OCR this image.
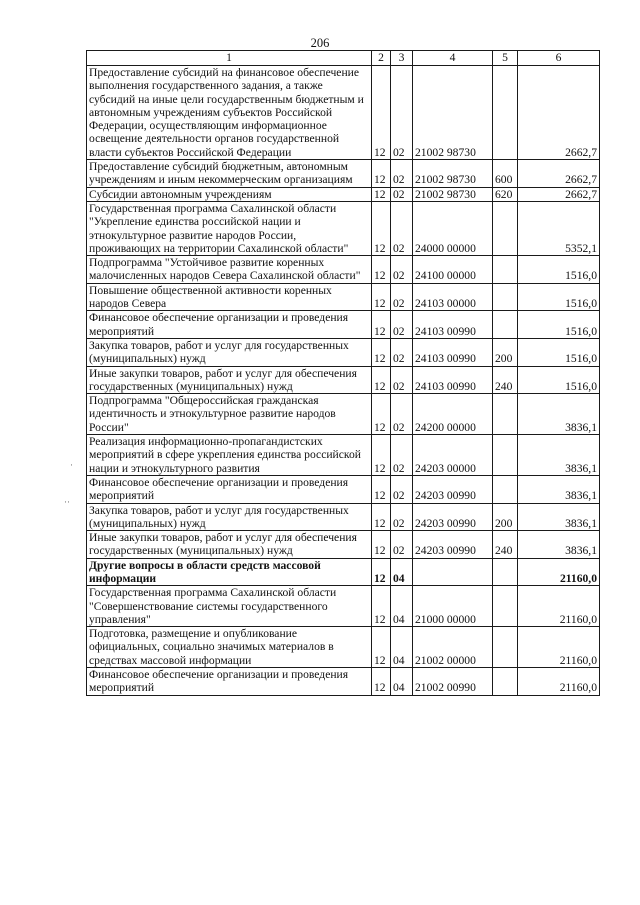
206
1	2	3	4	5	6
Предоставление субсидий на финансовое обеспечение выполнения государственного задания, а также субсидий на иные цели государственным бюджетным и автономным учреждениям субъектов Российской Федерации, осуществляющим информационное освещение деятельности органов государственной власти субъектов Российской Федерации	12	02	21002 98730		2662,7
Предоставление субсидий бюджетным, автономным учреждениям и иным некоммерческим организациям	12	02	21002 98730	600	2662,7
Субсидии автономным учреждениям	12	02	21002 98730	620	2662,7
Государственная программа Сахалинской области "Укрепление единства российской нации и этнокультурное развитие народов России, проживающих на территории Сахалинской области"	12	02	24000 00000		5352,1
Подпрограмма "Устойчивое развитие коренных малочисленных народов Севера Сахалинской области"	12	02	24100 00000		1516,0
Повышение общественной активности коренных народов Севера	12	02	24103 00000		1516,0
Финансовое обеспечение организации и проведения мероприятий	12	02	24103 00990		1516,0
Закупка товаров, работ и услуг для государственных (муниципальных) нужд	12	02	24103 00990	200	1516,0
Иные закупки товаров, работ и услуг для обеспечения государственных (муниципальных) нужд	12	02	24103 00990	240	1516,0
Подпрограмма "Общероссийская гражданская идентичность и этнокультурное развитие народов России"	12	02	24200 00000		3836,1
Реализация информационно-пропагандистских мероприятий в сфере укрепления единства российской нации и этнокультурного развития	12	02	24203 00000		3836,1
Финансовое обеспечение организации и проведения мероприятий	12	02	24203 00990		3836,1
Закупка товаров, работ и услуг для государственных (муниципальных) нужд	12	02	24203 00990	200	3836,1
Иные закупки товаров, работ и услуг для обеспечения государственных (муниципальных) нужд	12	02	24203 00990	240	3836,1
Другие вопросы в области средств массовой информации	12	04			21160,0
Государственная программа Сахалинской области "Совершенствование системы государственного управления"	12	04	21000 00000		21160,0
Подготовка, размещение и опубликование официальных, социально значимых материалов в средствах массовой информации	12	04	21002 00000		21160,0
Финансовое обеспечение организации и проведения мероприятий	12	04	21002 00990		21160,0
·
··
